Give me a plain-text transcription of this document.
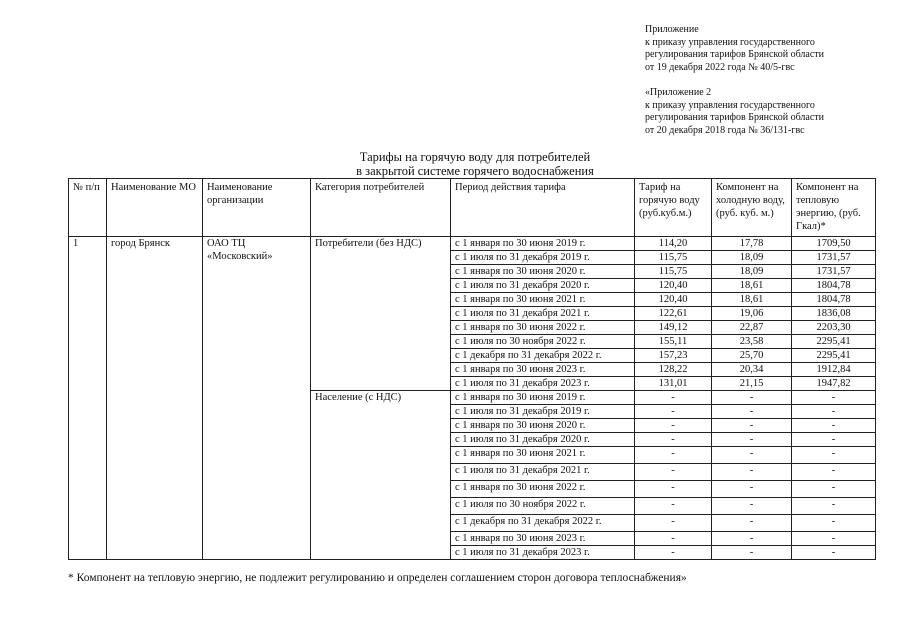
Приложение
к приказу управления государственного
регулирования тарифов Брянской области
от 19 декабря 2022 года № 40/5-гвс
«Приложение 2
к приказу управления государственного
регулирования тарифов Брянской области
от 20 декабря 2018 года № 36/131-гвс
Тарифы на горячую воду для потребителей
в закрытой системе горячего водоснабжения
№ п/п	Наименование МО	Наименование организации	Категория потребителей	Период действия тарифа	Тариф на горячую воду (руб.куб.м.)	Компонент на холодную воду, (руб. куб. м.)	Компонент на тепловую энергию, (руб. Гкал)*
1	город Брянск	ОАО ТЦ «Московский»	Потребители (без НДС)	с 1 января по 30 июня 2019 г.	114,20	17,78	1709,50
				с 1 июля по 31 декабря 2019 г.	115,75	18,09	1731,57
				с 1 января по 30 июня 2020 г.	115,75	18,09	1731,57
				с 1 июля по 31 декабря 2020 г.	120,40	18,61	1804,78
				с 1 января по 30 июня 2021 г.	120,40	18,61	1804,78
				с 1 июля по 31 декабря 2021 г.	122,61	19,06	1836,08
				с 1 января по 30 июня 2022 г.	149,12	22,87	2203,30
				с 1 июля по 30 ноября 2022 г.	155,11	23,58	2295,41
				с 1 декабря по 31 декабря 2022 г.	157,23	25,70	2295,41
				с 1 января по 30 июня 2023 г.	128,22	20,34	1912,84
				с 1 июля по 31 декабря 2023 г.	131,01	21,15	1947,82
			Население (с НДС)	с 1 января по 30 июня 2019 г.	-	-	-
				с 1 июля по 31 декабря 2019 г.	-	-	-
				с 1 января по 30 июня 2020 г.	-	-	-
				с 1 июля по 31 декабря 2020 г.	-	-	-
				с 1 января по 30 июня 2021 г.	-	-	-
				с 1 июля по 31 декабря 2021 г.	-	-	-
				с 1 января по 30 июня 2022 г.	-	-	-
				с 1 июля по 30 ноября 2022 г.	-	-	-
				с 1 декабря по 31 декабря 2022 г.	-	-	-
				с 1 января по 30 июня 2023 г.	-	-	-
				с 1 июля по 31 декабря 2023 г.	-	-	-
* Компонент на тепловую энергию, не подлежит регулированию и определен соглашением сторон договора теплоснабжения»
